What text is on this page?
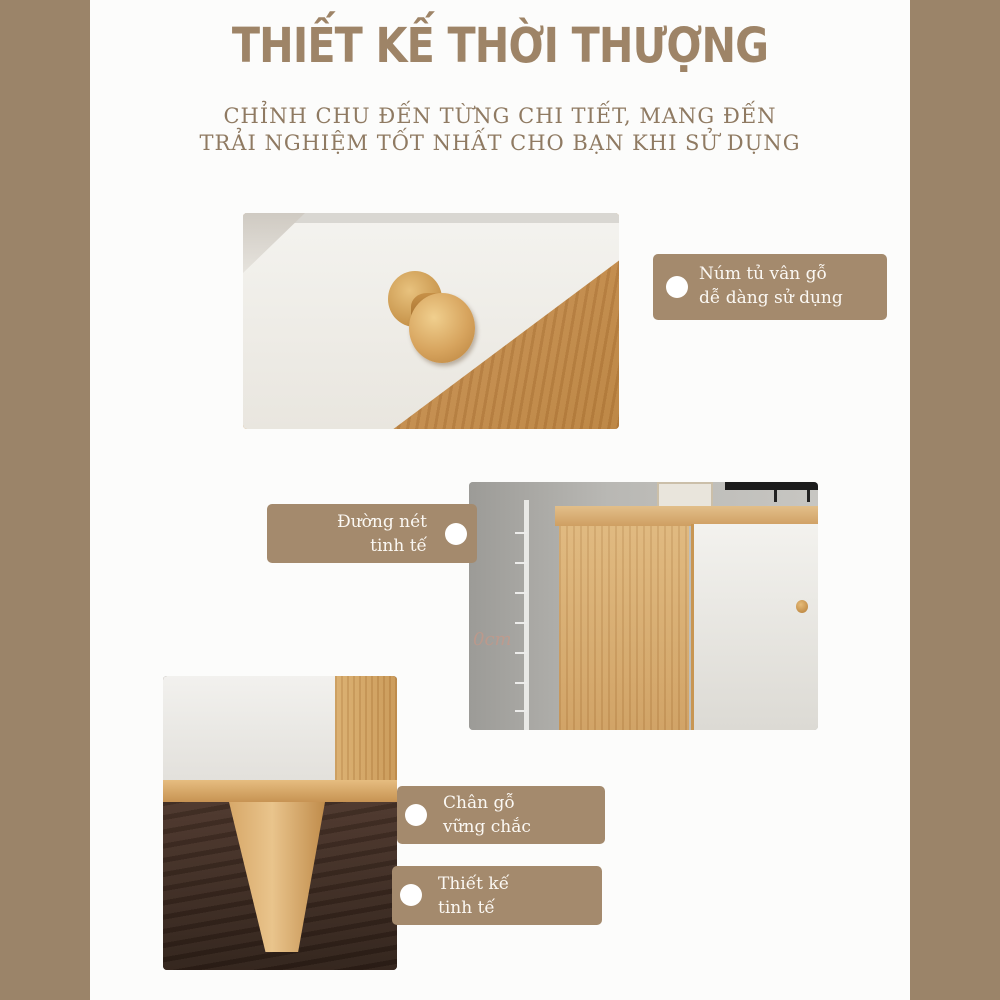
THIẾT KẾ THỜI THƯỢNG
CHỈNH CHU ĐẾN TỪNG CHI TIẾT, MANG ĐẾN
TRẢI NGHIỆM TỐT NHẤT CHO BẠN KHI SỬ DỤNG
0cm
Núm tủ vân gỗ
dễ dàng sử dụng
Đường nét
tinh tế
Chân gỗ
vững chắc
Thiết kế
tinh tế
